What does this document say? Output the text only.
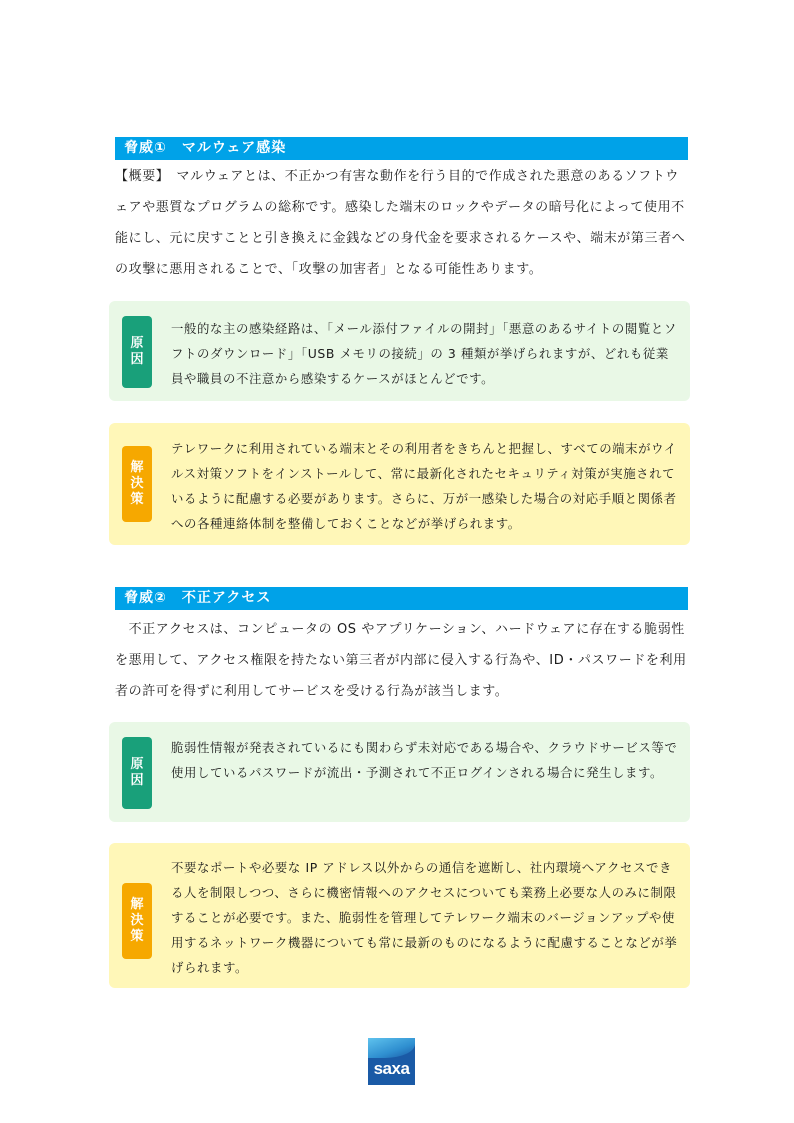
脅威①　マルウェア感染

【概要】　マルウェアとは、不正かつ有害な動作を行う目的で作成された悪意のあるソフトウェアや悪質なプログラムの総称です。感染した端末のロックやデータの暗号化によって使用不能にし、元に戻すことと引き換えに金銭などの身代金を要求されるケースや、端末が第三者への攻撃に悪用されることで、「攻撃の加害者」となる可能性あります。

原
因

一般的な主の感染経路は、「メール添付ファイルの開封」「悪意のあるサイトの閲覧とソフトのダウンロード」「USB メモリの接続」の 3 種類が挙げられますが、どれも従業員や職員の不注意から感染するケースがほとんどです。

解
決
策

テレワークに利用されている端末とその利用者をきちんと把握し、すべての端末がウイルス対策ソフトをインストールして、常に最新化されたセキュリティ対策が実施されているように配慮する必要があります。さらに、万が一感染した場合の対応手順と関係者への各種連絡体制を整備しておくことなどが挙げられます。

脅威②　不正アクセス

　不正アクセスは、コンピュータの OS やアプリケーション、ハードウェアに存在する脆弱性を悪用して、アクセス権限を持たない第三者が内部に侵入する行為や、ID・パスワードを利用者の許可を得ずに利用してサービスを受ける行為が該当します。

原
因

脆弱性情報が発表されているにも関わらず未対応である場合や、クラウドサービス等で使用しているパスワードが流出・予測されて不正ログインされる場合に発生します。

解
決
策

不要なポートや必要な IP アドレス以外からの通信を遮断し、社内環境へアクセスできる人を制限しつつ、さらに機密情報へのアクセスについても業務上必要な人のみに制限することが必要です。また、脆弱性を管理してテレワーク端末のバージョンアップや使用するネットワーク機器についても常に最新のものになるように配慮することなどが挙げられます。

saxa
